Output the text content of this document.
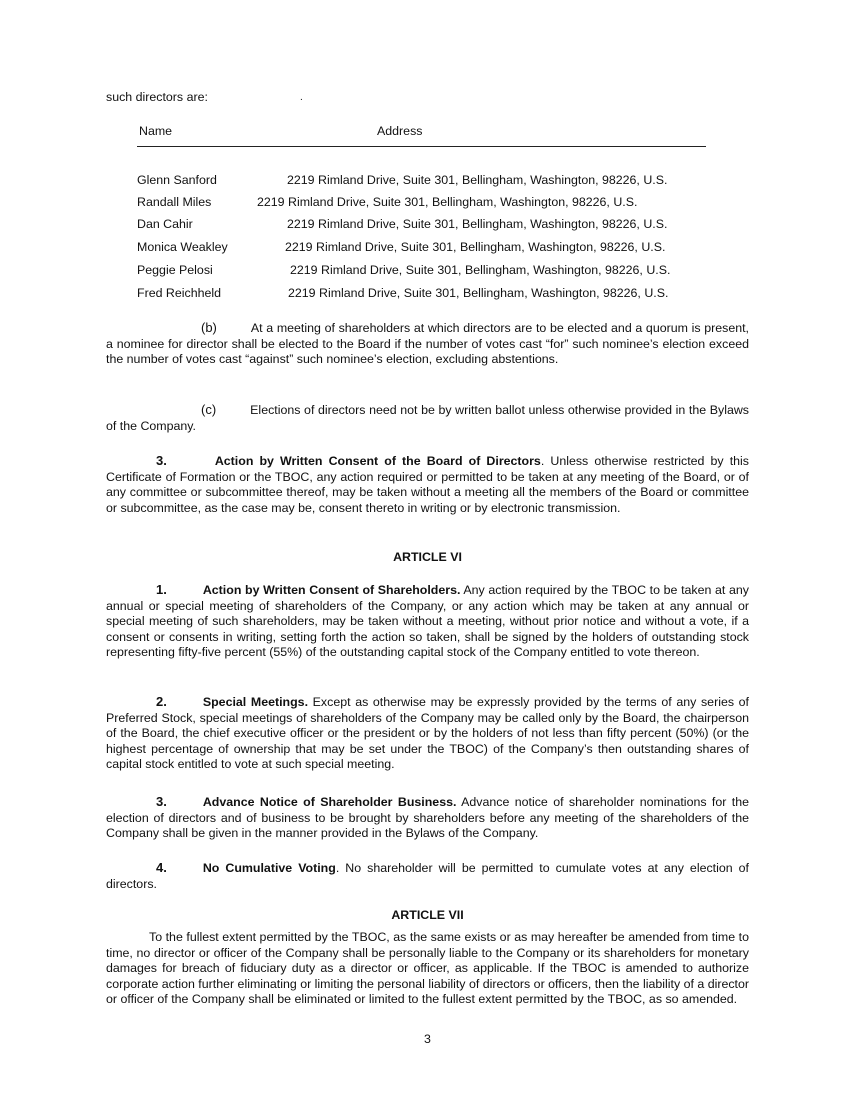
such directors are:	.
Name	Address
Glenn Sanford	2219 Rimland Drive, Suite 301, Bellingham, Washington, 98226, U.S.
Randall Miles	2219 Rimland Drive, Suite 301, Bellingham, Washington, 98226, U.S.
Dan Cahir	2219 Rimland Drive, Suite 301, Bellingham, Washington, 98226, U.S.
Monica Weakley	2219 Rimland Drive, Suite 301, Bellingham, Washington, 98226, U.S.
Peggie Pelosi	2219 Rimland Drive, Suite 301, Bellingham, Washington, 98226, U.S.
Fred Reichheld	2219 Rimland Drive, Suite 301, Bellingham, Washington, 98226, U.S.

(b)	At a meeting of shareholders at which directors are to be elected and a quorum is present, a nominee for director shall be elected to the Board if the number of votes cast “for” such nominee’s election exceed the number of votes cast “against” such nominee’s election, excluding abstentions.

(c)	Elections of directors need not be by written ballot unless otherwise provided in the Bylaws of the Company.

3.	Action by Written Consent of the Board of Directors. Unless otherwise restricted by this Certificate of Formation or the TBOC, any action required or permitted to be taken at any meeting of the Board, or of any committee or subcommittee thereof, may be taken without a meeting all the members of the Board or committee or subcommittee, as the case may be, consent thereto in writing or by electronic transmission.

ARTICLE VI

1.	Action by Written Consent of Shareholders. Any action required by the TBOC to be taken at any annual or special meeting of shareholders of the Company, or any action which may be taken at any annual or special meeting of such shareholders, may be taken without a meeting, without prior notice and without a vote, if a consent or consents in writing, setting forth the action so taken, shall be signed by the holders of outstanding stock representing fifty-five percent (55%) of the outstanding capital stock of the Company entitled to vote thereon.

2.	Special Meetings. Except as otherwise may be expressly provided by the terms of any series of Preferred Stock, special meetings of shareholders of the Company may be called only by the Board, the chairperson of the Board, the chief executive officer or the president or by the holders of not less than fifty percent (50%) (or the highest percentage of ownership that may be set under the TBOC) of the Company’s then outstanding shares of capital stock entitled to vote at such special meeting.

3.	Advance Notice of Shareholder Business. Advance notice of shareholder nominations for the election of directors and of business to be brought by shareholders before any meeting of the shareholders of the Company shall be given in the manner provided in the Bylaws of the Company.

4.	No Cumulative Voting. No shareholder will be permitted to cumulate votes at any election of directors.

ARTICLE VII

To the fullest extent permitted by the TBOC, as the same exists or as may hereafter be amended from time to time, no director or officer of the Company shall be personally liable to the Company or its shareholders for monetary damages for breach of fiduciary duty as a director or officer, as applicable. If the TBOC is amended to authorize corporate action further eliminating or limiting the personal liability of directors or officers, then the liability of a director or officer of the Company shall be eliminated or limited to the fullest extent permitted by the TBOC, as so amended.

3
